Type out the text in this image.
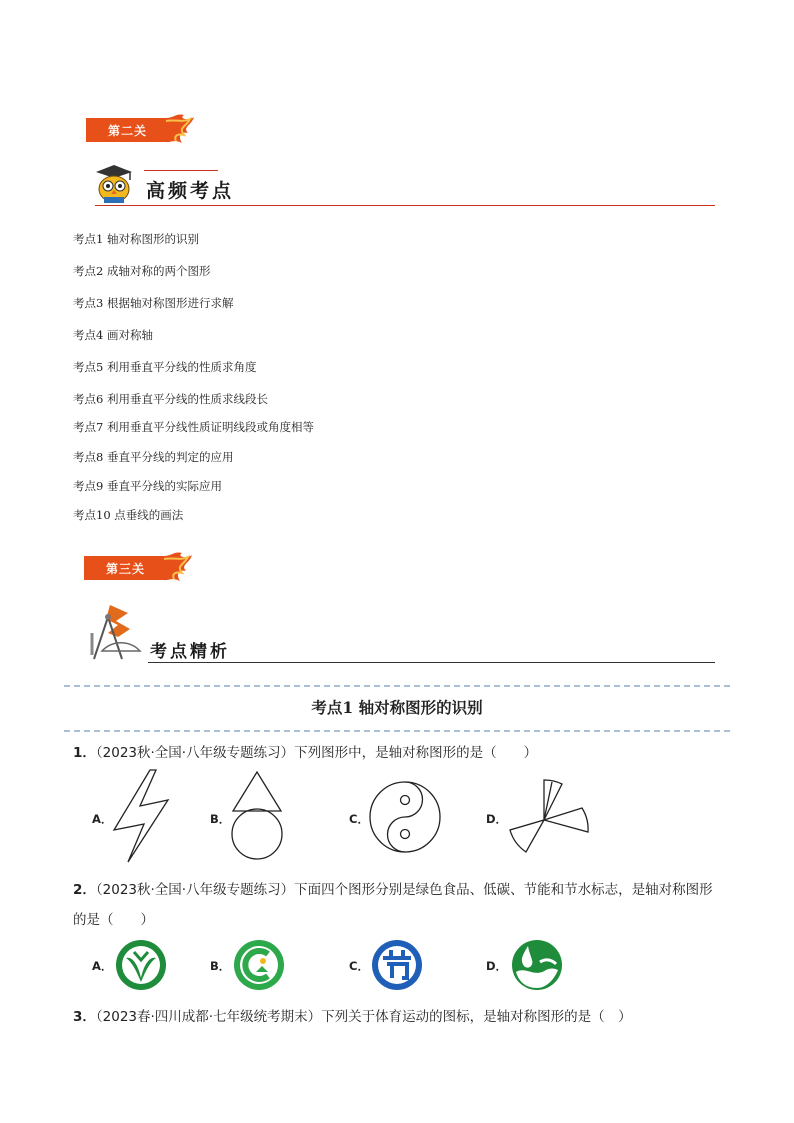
第二关
高频考点
考点1 轴对称图形的识别
考点2 成轴对称的两个图形
考点3 根据轴对称图形进行求解
考点4 画对称轴
考点5 利用垂直平分线的性质求角度
考点6 利用垂直平分线的性质求线段长
考点7 利用垂直平分线性质证明线段或角度相等
考点8 垂直平分线的判定的应用
考点9 垂直平分线的实际应用
考点10 点垂线的画法
第三关
考点精析
考点1 轴对称图形的识别
1．（2023秋·全国·八年级专题练习）下列图形中，是轴对称图形的是（　　）
A．	B．	C．	D．
2．（2023秋·全国·八年级专题练习）下面四个图形分别是绿色食品、低碳、节能和节水标志，是轴对称图形
的是（　　）
A．	B．	C．	D．
3．（2023春·四川成都·七年级统考期末）下列关于体育运动的图标，是轴对称图形的是（　）
